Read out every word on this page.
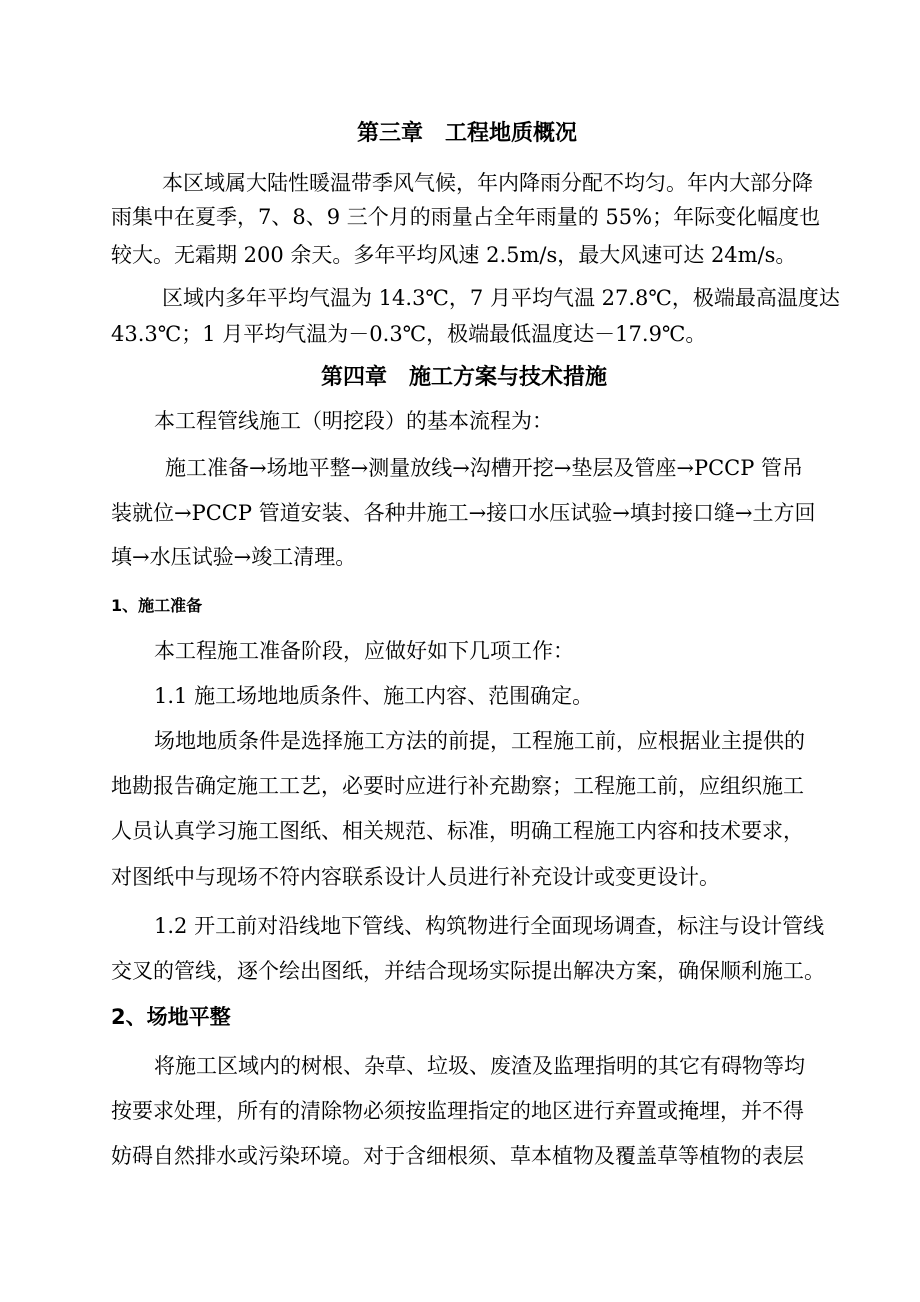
第三章　工程地质概况
本区域属大陆性暖温带季风气候，年内降雨分配不均匀。年内大部分降
雨集中在夏季，7、8、9 三个月的雨量占全年雨量的 55%；年际变化幅度也
较大。无霜期 200 余天。多年平均风速 2.5m/s，最大风速可达 24m/s。
区域内多年平均气温为 14.3℃，7 月平均气温 27.8℃，极端最高温度达
43.3℃；1 月平均气温为－0.3℃，极端最低温度达－17.9℃。
第四章　施工方案与技术措施
本工程管线施工（明挖段）的基本流程为：
施工准备→场地平整→测量放线→沟槽开挖→垫层及管座→PCCP 管吊
装就位→PCCP 管道安装、各种井施工→接口水压试验→填封接口缝→土方回
填→水压试验→竣工清理。
1、施工准备
本工程施工准备阶段，应做好如下几项工作：
1.1 施工场地地质条件、施工内容、范围确定。
场地地质条件是选择施工方法的前提，工程施工前，应根据业主提供的
地勘报告确定施工工艺，必要时应进行补充勘察；工程施工前，应组织施工
人员认真学习施工图纸、相关规范、标准，明确工程施工内容和技术要求，
对图纸中与现场不符内容联系设计人员进行补充设计或变更设计。
1.2 开工前对沿线地下管线、构筑物进行全面现场调查，标注与设计管线
交叉的管线，逐个绘出图纸，并结合现场实际提出解决方案，确保顺利施工。
2、场地平整
将施工区域内的树根、杂草、垃圾、废渣及监理指明的其它有碍物等均
按要求处理，所有的清除物必须按监理指定的地区进行弃置或掩埋，并不得
妨碍自然排水或污染环境。对于含细根须、草本植物及覆盖草等植物的表层
